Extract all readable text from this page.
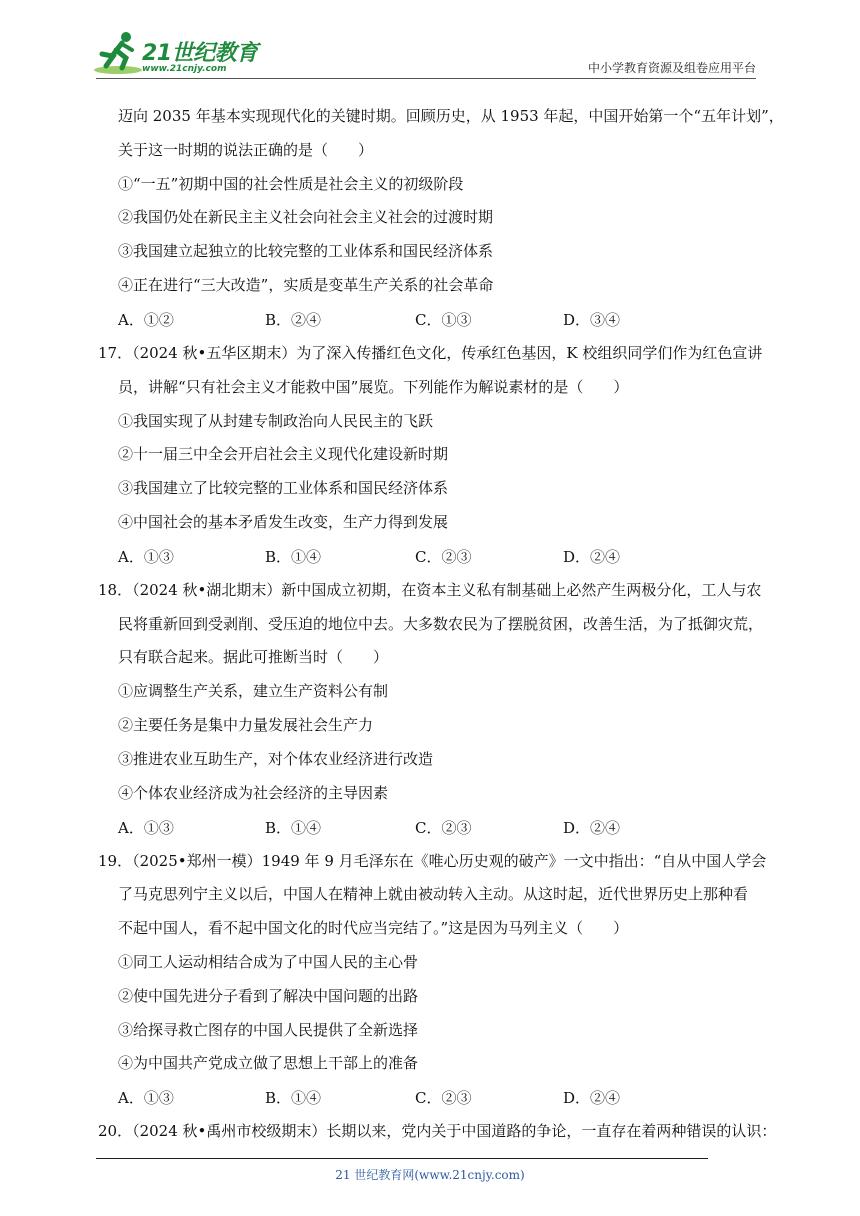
21世纪教育
www.21cnjy.com	中小学教育资源及组卷应用平台
迈向 2035 年基本实现现代化的关键时期。回顾历史，从 1953 年起，中国开始第一个“五年计划”，
关于这一时期的说法正确的是（　　）
①“一五”初期中国的社会性质是社会主义的初级阶段
②我国仍处在新民主主义社会向社会主义社会的过渡时期
③我国建立起独立的比较完整的工业体系和国民经济体系
④正在进行“三大改造”，实质是变革生产关系的社会革命
A．①②	B．②④	C．①③	D．③④
17．（2024 秋•五华区期末）为了深入传播红色文化，传承红色基因，K 校组织同学们作为红色宣讲
员，讲解“只有社会主义才能救中国”展览。下列能作为解说素材的是（　　）
①我国实现了从封建专制政治向人民民主的飞跃
②十一届三中全会开启社会主义现代化建设新时期
③我国建立了比较完整的工业体系和国民经济体系
④中国社会的基本矛盾发生改变，生产力得到发展
A．①③	B．①④	C．②③	D．②④
18．（2024 秋•湖北期末）新中国成立初期，在资本主义私有制基础上必然产生两极分化，工人与农
民将重新回到受剥削、受压迫的地位中去。大多数农民为了摆脱贫困，改善生活，为了抵御灾荒，
只有联合起来。据此可推断当时（　　）
①应调整生产关系，建立生产资料公有制
②主要任务是集中力量发展社会生产力
③推进农业互助生产，对个体农业经济进行改造
④个体农业经济成为社会经济的主导因素
A．①③	B．①④	C．②③	D．②④
19．（2025•郑州一模）1949 年 9 月毛泽东在《唯心历史观的破产》一文中指出：“自从中国人学会
了马克思列宁主义以后，中国人在精神上就由被动转入主动。从这时起，近代世界历史上那种看
不起中国人，看不起中国文化的时代应当完结了。”这是因为马列主义（　　）
①同工人运动相结合成为了中国人民的主心骨
②使中国先进分子看到了解决中国问题的出路
③给探寻救亡图存的中国人民提供了全新选择
④为中国共产党成立做了思想上干部上的准备
A．①③	B．①④	C．②③	D．②④
20．（2024 秋•禹州市校级期末）长期以来，党内关于中国道路的争论，一直存在着两种错误的认识：
21 世纪教育网(www.21cnjy.com)
